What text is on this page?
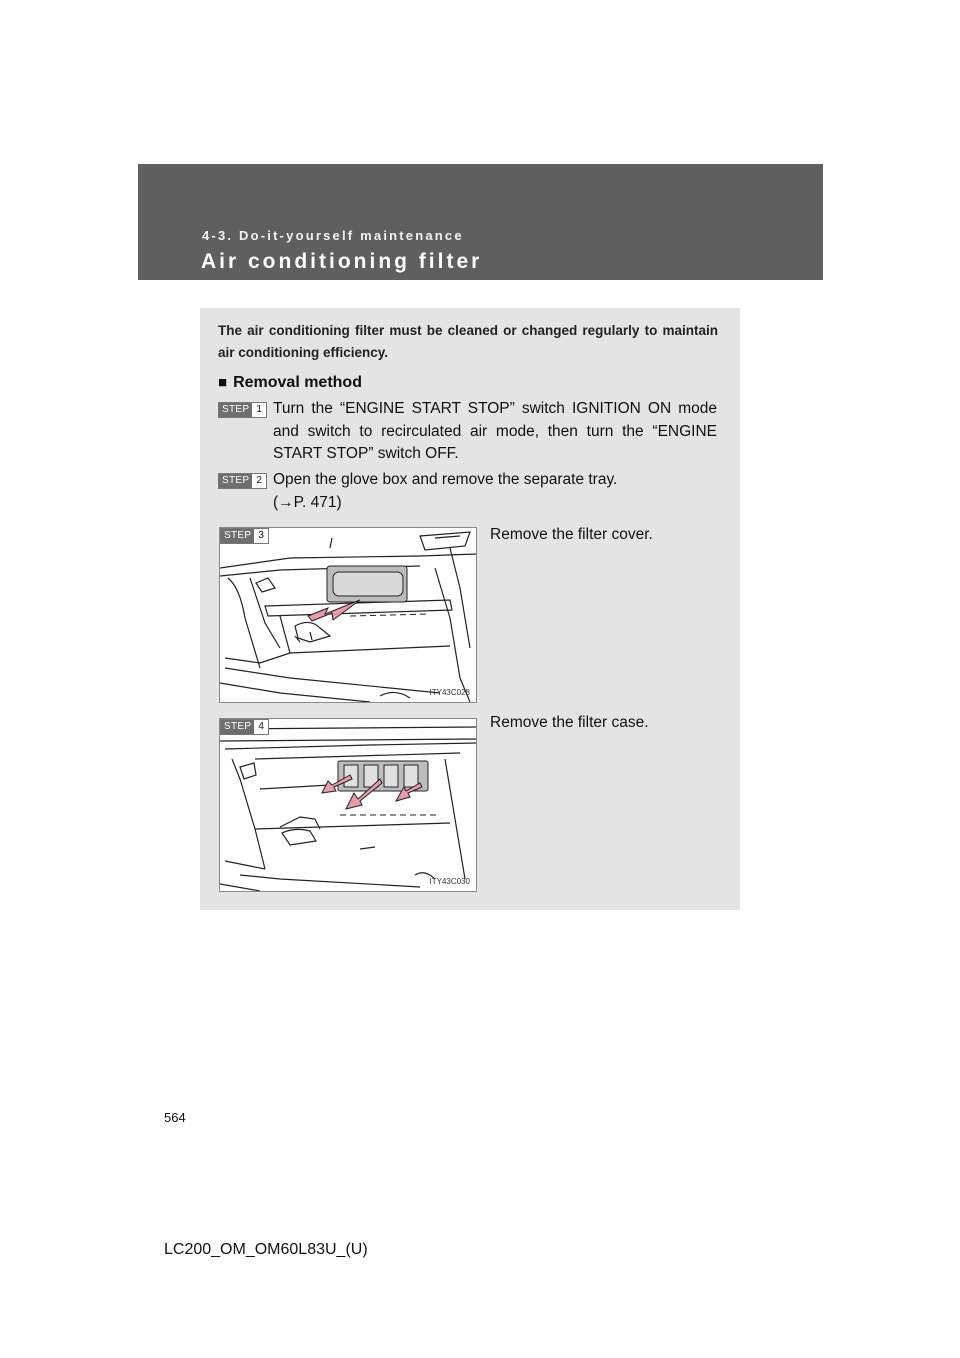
4-3. Do-it-yourself maintenance
Air conditioning filter
The air conditioning filter must be cleaned or changed regularly to maintain air conditioning efficiency.
■ Removal method
STEP 1 Turn the “ENGINE START STOP” switch IGNITION ON mode and switch to recirculated air mode, then turn the “ENGINE START STOP” switch OFF.
STEP 2 Open the glove box and remove the separate tray.
(→P. 471)
STEP 3
ITY43C028
Remove the filter cover.
STEP 4
ITY43C030
Remove the filter case.
564
LC200_OM_OM60L83U_(U)
